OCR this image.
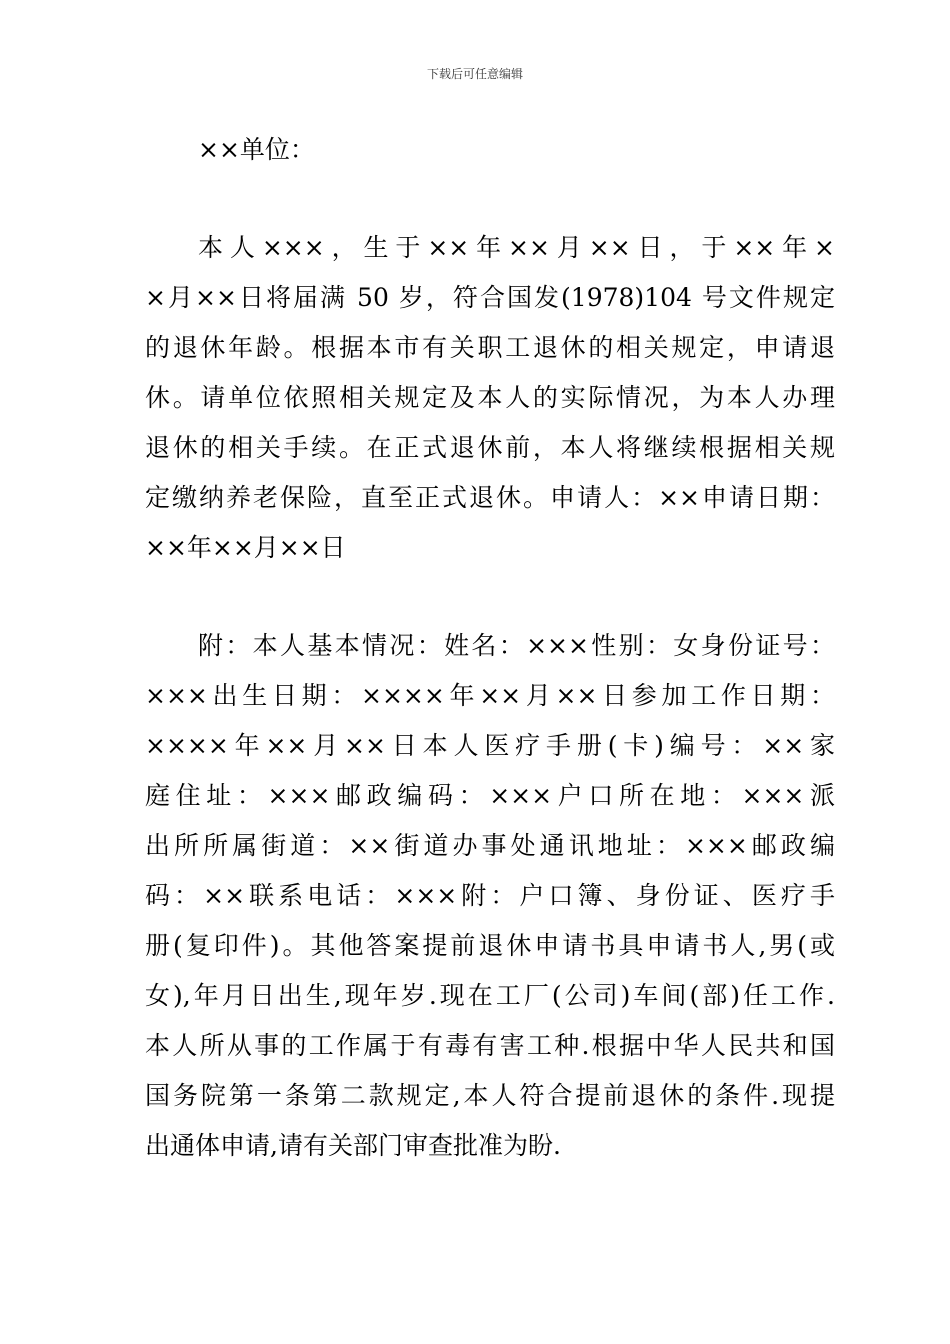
下载后可任意编辑
××单位：
本人×××，生于××年××月××日，于××年×
×月××日将届满 50 岁，符合国发(1978)104 号文件规定
的退休年龄。根据本市有关职工退休的相关规定，申请退
休。请单位依照相关规定及本人的实际情况，为本人办理
退休的相关手续。在正式退休前，本人将继续根据相关规
定缴纳养老保险，直至正式退休。申请人：××申请日期：
××年××月××日
附：本人基本情况：姓名：×××性别：女身份证号：
×××出生日期：××××年××月××日参加工作日期：
××××年××月××日本人医疗手册(卡)编号：××家
庭住址：×××邮政编码：×××户口所在地：×××派
出所所属街道：××街道办事处通讯地址：×××邮政编
码：××联系电话：×××附：户口簿、身份证、医疗手
册(复印件)。其他答案提前退休申请书具申请书人,男(或
女),年月日出生,现年岁.现在工厂(公司)车间(部)任工作.
本人所从事的工作属于有毒有害工种.根据中华人民共和国
国务院第一条第二款规定,本人符合提前退休的条件.现提
出通体申请,请有关部门审查批准为盼.
